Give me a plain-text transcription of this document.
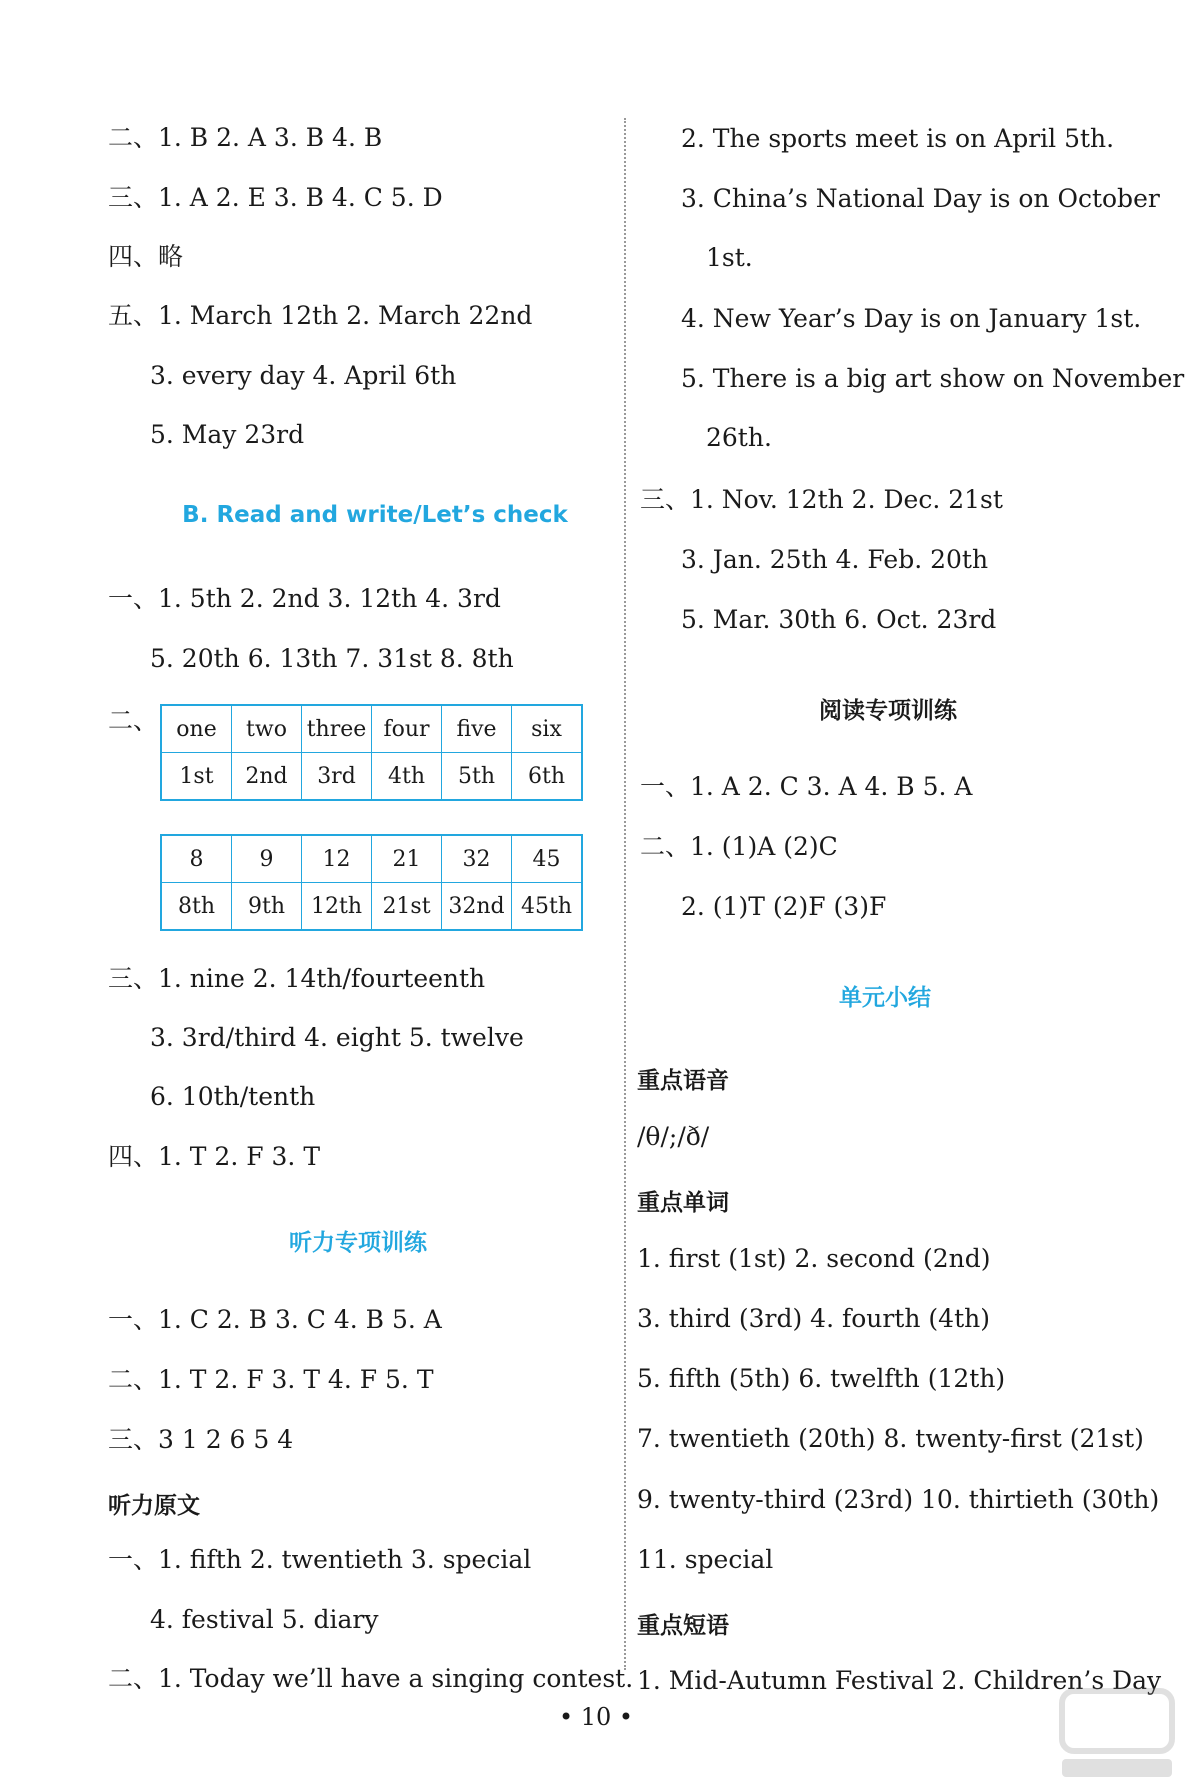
二、1. B 2. A 3. B 4. B
三、1. A 2. E 3. B 4. C 5. D
四、略
五、1. March 12th 2. March 22nd
3. every day 4. April 6th
5. May 23rd
B. Read and write/Let’s check
一、1. 5th 2. 2nd 3. 12th 4. 3rd
5. 20th 6. 13th 7. 31st 8. 8th
二、 one	two	three	four	five	six
1st	2nd	3rd	4th	5th	6th
8	9	12	21	32	45
8th	9th	12th	21st	32nd	45th
三、1. nine 2. 14th/fourteenth
3. 3rd/third 4. eight 5. twelve
6. 10th/tenth
四、1. T 2. F 3. T
听力专项训练
一、1. C 2. B 3. C 4. B 5. A
二、1. T 2. F 3. T 4. F 5. T
三、3 1 2 6 5 4
听力原文
一、1. fifth 2. twentieth 3. special
4. festival 5. diary
二、1. Today we’ll have a singing contest.
2. The sports meet is on April 5th.
3. China’s National Day is on October
1st.
4. New Year’s Day is on January 1st.
5. There is a big art show on November
26th.
三、1. Nov. 12th 2. Dec. 21st
3. Jan. 25th 4. Feb. 20th
5. Mar. 30th 6. Oct. 23rd
阅读专项训练
一、1. A 2. C 3. A 4. B 5. A
二、1. (1)A (2)C
2. (1)T (2)F (3)F
单元小结
重点语音
/θ/;/ð/
重点单词
1. first (1st) 2. second (2nd)
3. third (3rd) 4. fourth (4th)
5. fifth (5th) 6. twelfth (12th)
7. twentieth (20th) 8. twenty-first (21st)
9. twenty-third (23rd) 10. thirtieth (30th)
11. special
重点短语
1. Mid-Autumn Festival 2. Children’s Day
• 10 •
